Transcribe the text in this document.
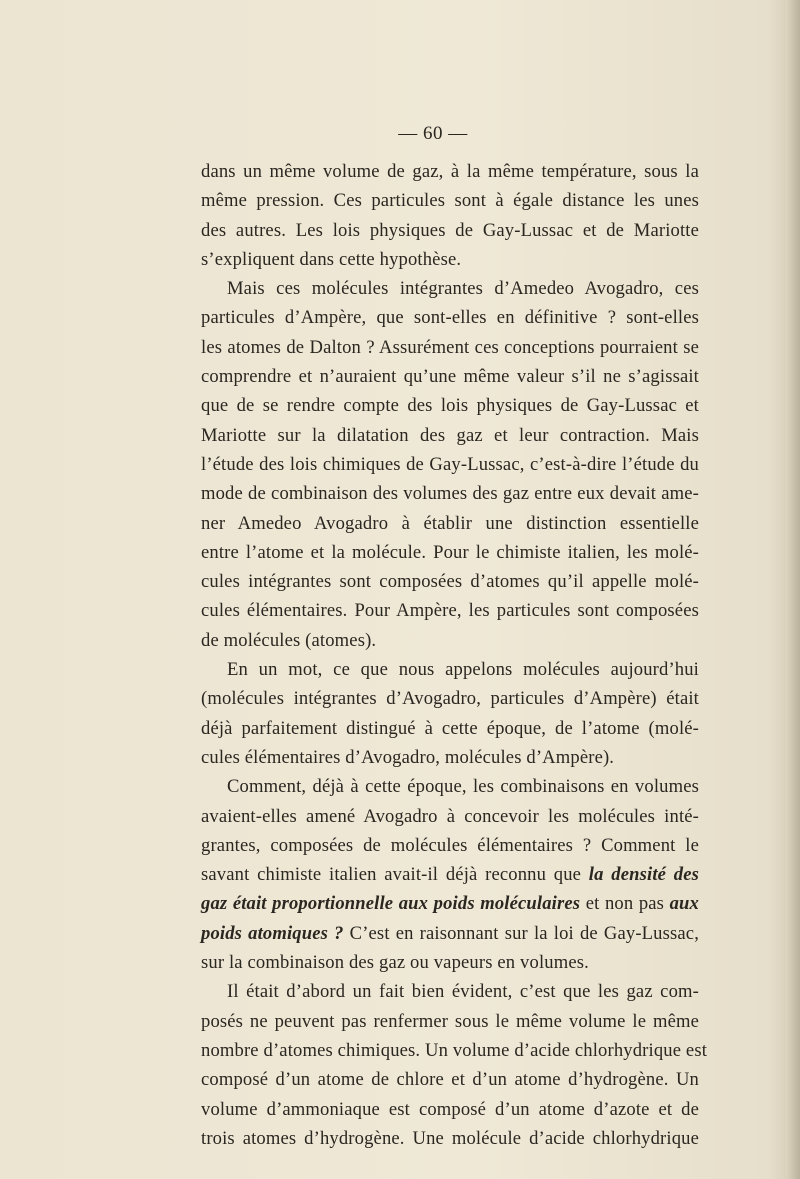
— 60 —
dans un même volume de gaz, à la même température, sous la
même pression. Ces particules sont à égale distance les unes
des autres. Les lois physiques de Gay-Lussac et de Mariotte
s’expliquent dans cette hypothèse.
Mais ces molécules intégrantes d’Amedeo Avogadro, ces
particules d’Ampère, que sont-elles en définitive ? sont-elles
les atomes de Dalton ? Assurément ces conceptions pourraient se
comprendre et n’auraient qu’une même valeur s’il ne s’agissait
que de se rendre compte des lois physiques de Gay-Lussac et
Mariotte sur la dilatation des gaz et leur contraction. Mais
l’étude des lois chimiques de Gay-Lussac, c’est-à-dire l’étude du
mode de combinaison des volumes des gaz entre eux devait ame-
ner Amedeo Avogadro à établir une distinction essentielle
entre l’atome et la molécule. Pour le chimiste italien, les molé-
cules intégrantes sont composées d’atomes qu’il appelle molé-
cules élémentaires. Pour Ampère, les particules sont composées
de molécules (atomes).
En un mot, ce que nous appelons molécules aujourd’hui
(molécules intégrantes d’Avogadro, particules d’Ampère) était
déjà parfaitement distingué à cette époque, de l’atome (molé-
cules élémentaires d’Avogadro, molécules d’Ampère).
Comment, déjà à cette époque, les combinaisons en volumes
avaient-elles amené Avogadro à concevoir les molécules inté-
grantes, composées de molécules élémentaires ? Comment le
savant chimiste italien avait-il déjà reconnu que la densité des
gaz était proportionnelle aux poids moléculaires et non pas aux
poids atomiques ? C’est en raisonnant sur la loi de Gay-Lussac,
sur la combinaison des gaz ou vapeurs en volumes.
Il était d’abord un fait bien évident, c’est que les gaz com-
posés ne peuvent pas renfermer sous le même volume le même
nombre d’atomes chimiques. Un volume d’acide chlorhydrique est
composé d’un atome de chlore et d’un atome d’hydrogène. Un
volume d’ammoniaque est composé d’un atome d’azote et de
trois atomes d’hydrogène. Une molécule d’acide chlorhydrique
